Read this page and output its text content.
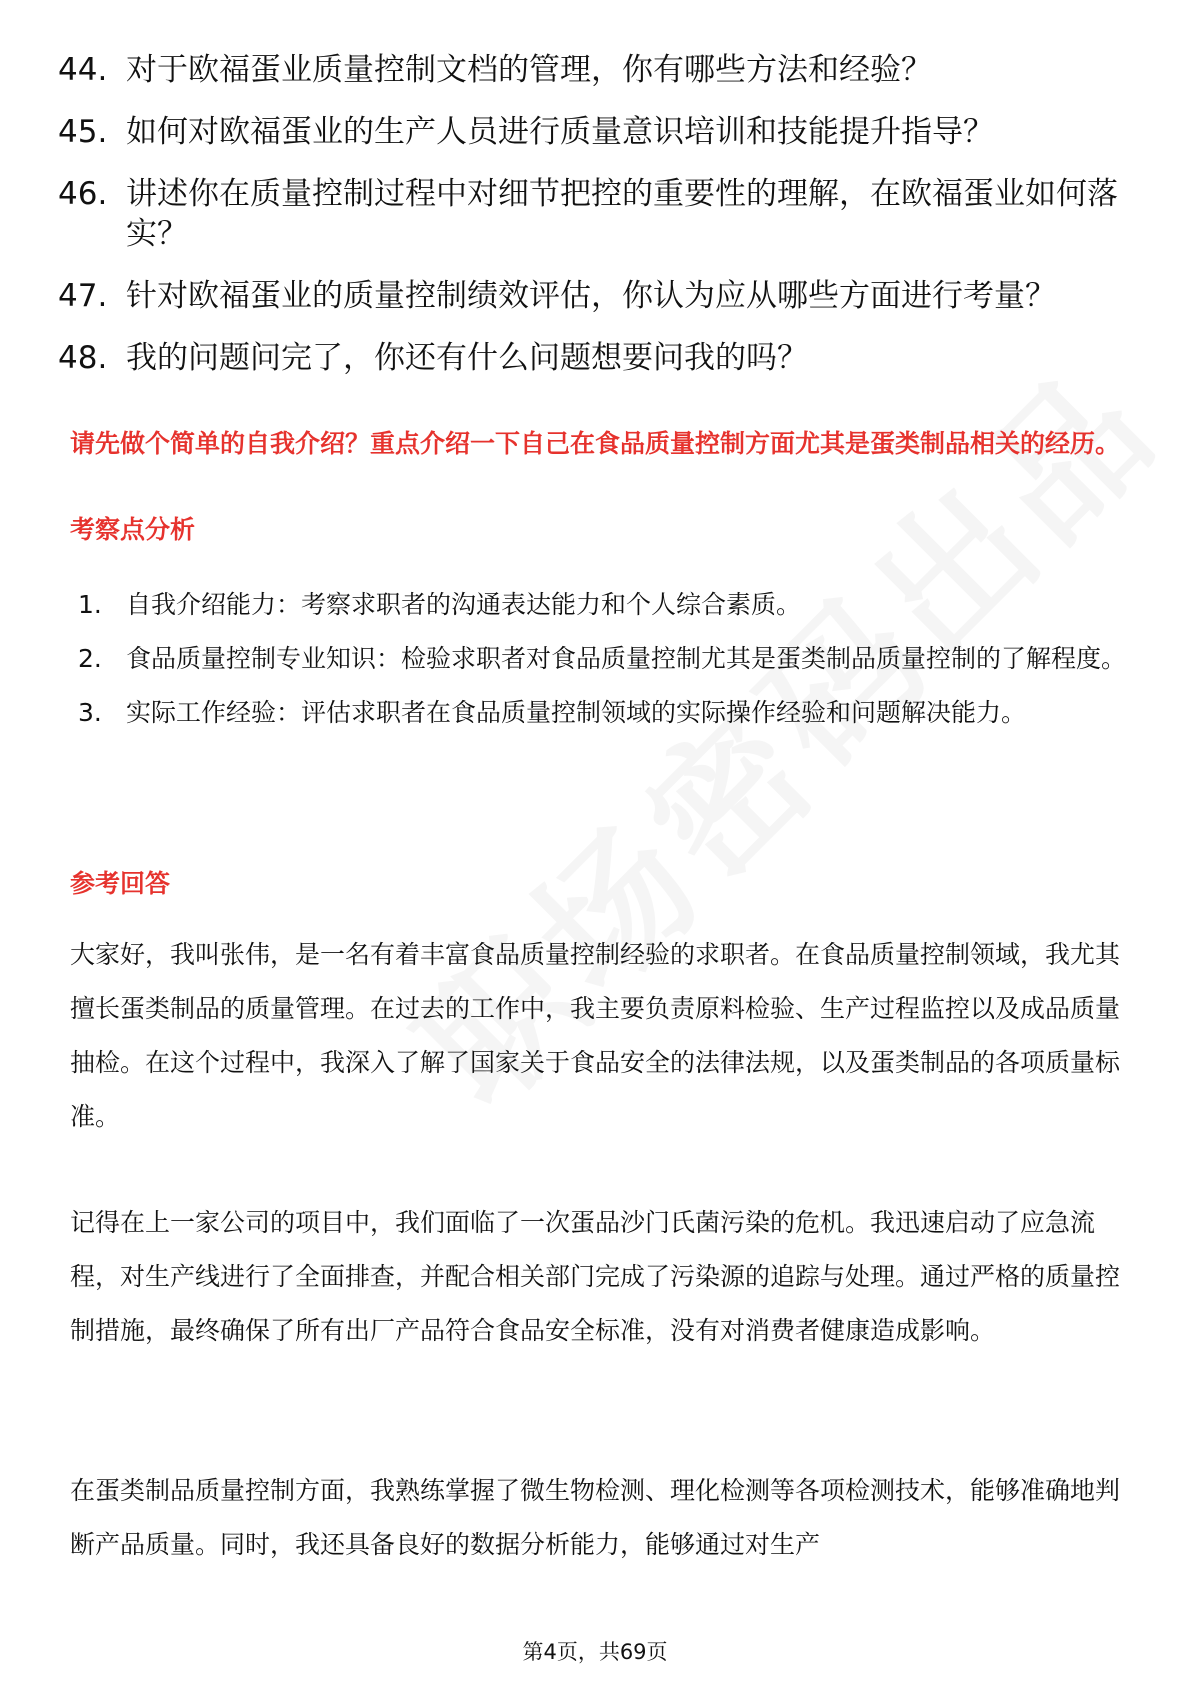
44. 对于欧福蛋业质量控制文档的管理，你有哪些方法和经验？
45. 如何对欧福蛋业的生产人员进行质量意识培训和技能提升指导？
46. 讲述你在质量控制过程中对细节把控的重要性的理解，在欧福蛋业如何落实？
47. 针对欧福蛋业的质量控制绩效评估，你认为应从哪些方面进行考量？
48. 我的问题问完了，你还有什么问题想要问我的吗？

请先做个简单的自我介绍？重点介绍一下自己在食品质量控制方面尤其是蛋类制品相关的经历。

考察点分析

1. 自我介绍能力：考察求职者的沟通表达能力和个人综合素质。
2. 食品质量控制专业知识：检验求职者对食品质量控制尤其是蛋类制品质量控制的了解程度。
3. 实际工作经验：评估求职者在食品质量控制领域的实际操作经验和问题解决能力。

参考回答

大家好，我叫张伟，是一名有着丰富食品质量控制经验的求职者。在食品质量控制领域，我尤其擅长蛋类制品的质量管理。在过去的工作中，我主要负责原料检验、生产过程监控以及成品质量抽检。在这个过程中，我深入了解了国家关于食品安全的法律法规，以及蛋类制品的各项质量标准。

记得在上一家公司的项目中，我们面临了一次蛋品沙门氏菌污染的危机。我迅速启动了应急流程，对生产线进行了全面排查，并配合相关部门完成了污染源的追踪与处理。通过严格的质量控制措施，最终确保了所有出厂产品符合食品安全标准，没有对消费者健康造成影响。

在蛋类制品质量控制方面，我熟练掌握了微生物检测、理化检测等各项检测技术，能够准确地判断产品质量。同时，我还具备良好的数据分析能力，能够通过对生产

第4页，共69页
